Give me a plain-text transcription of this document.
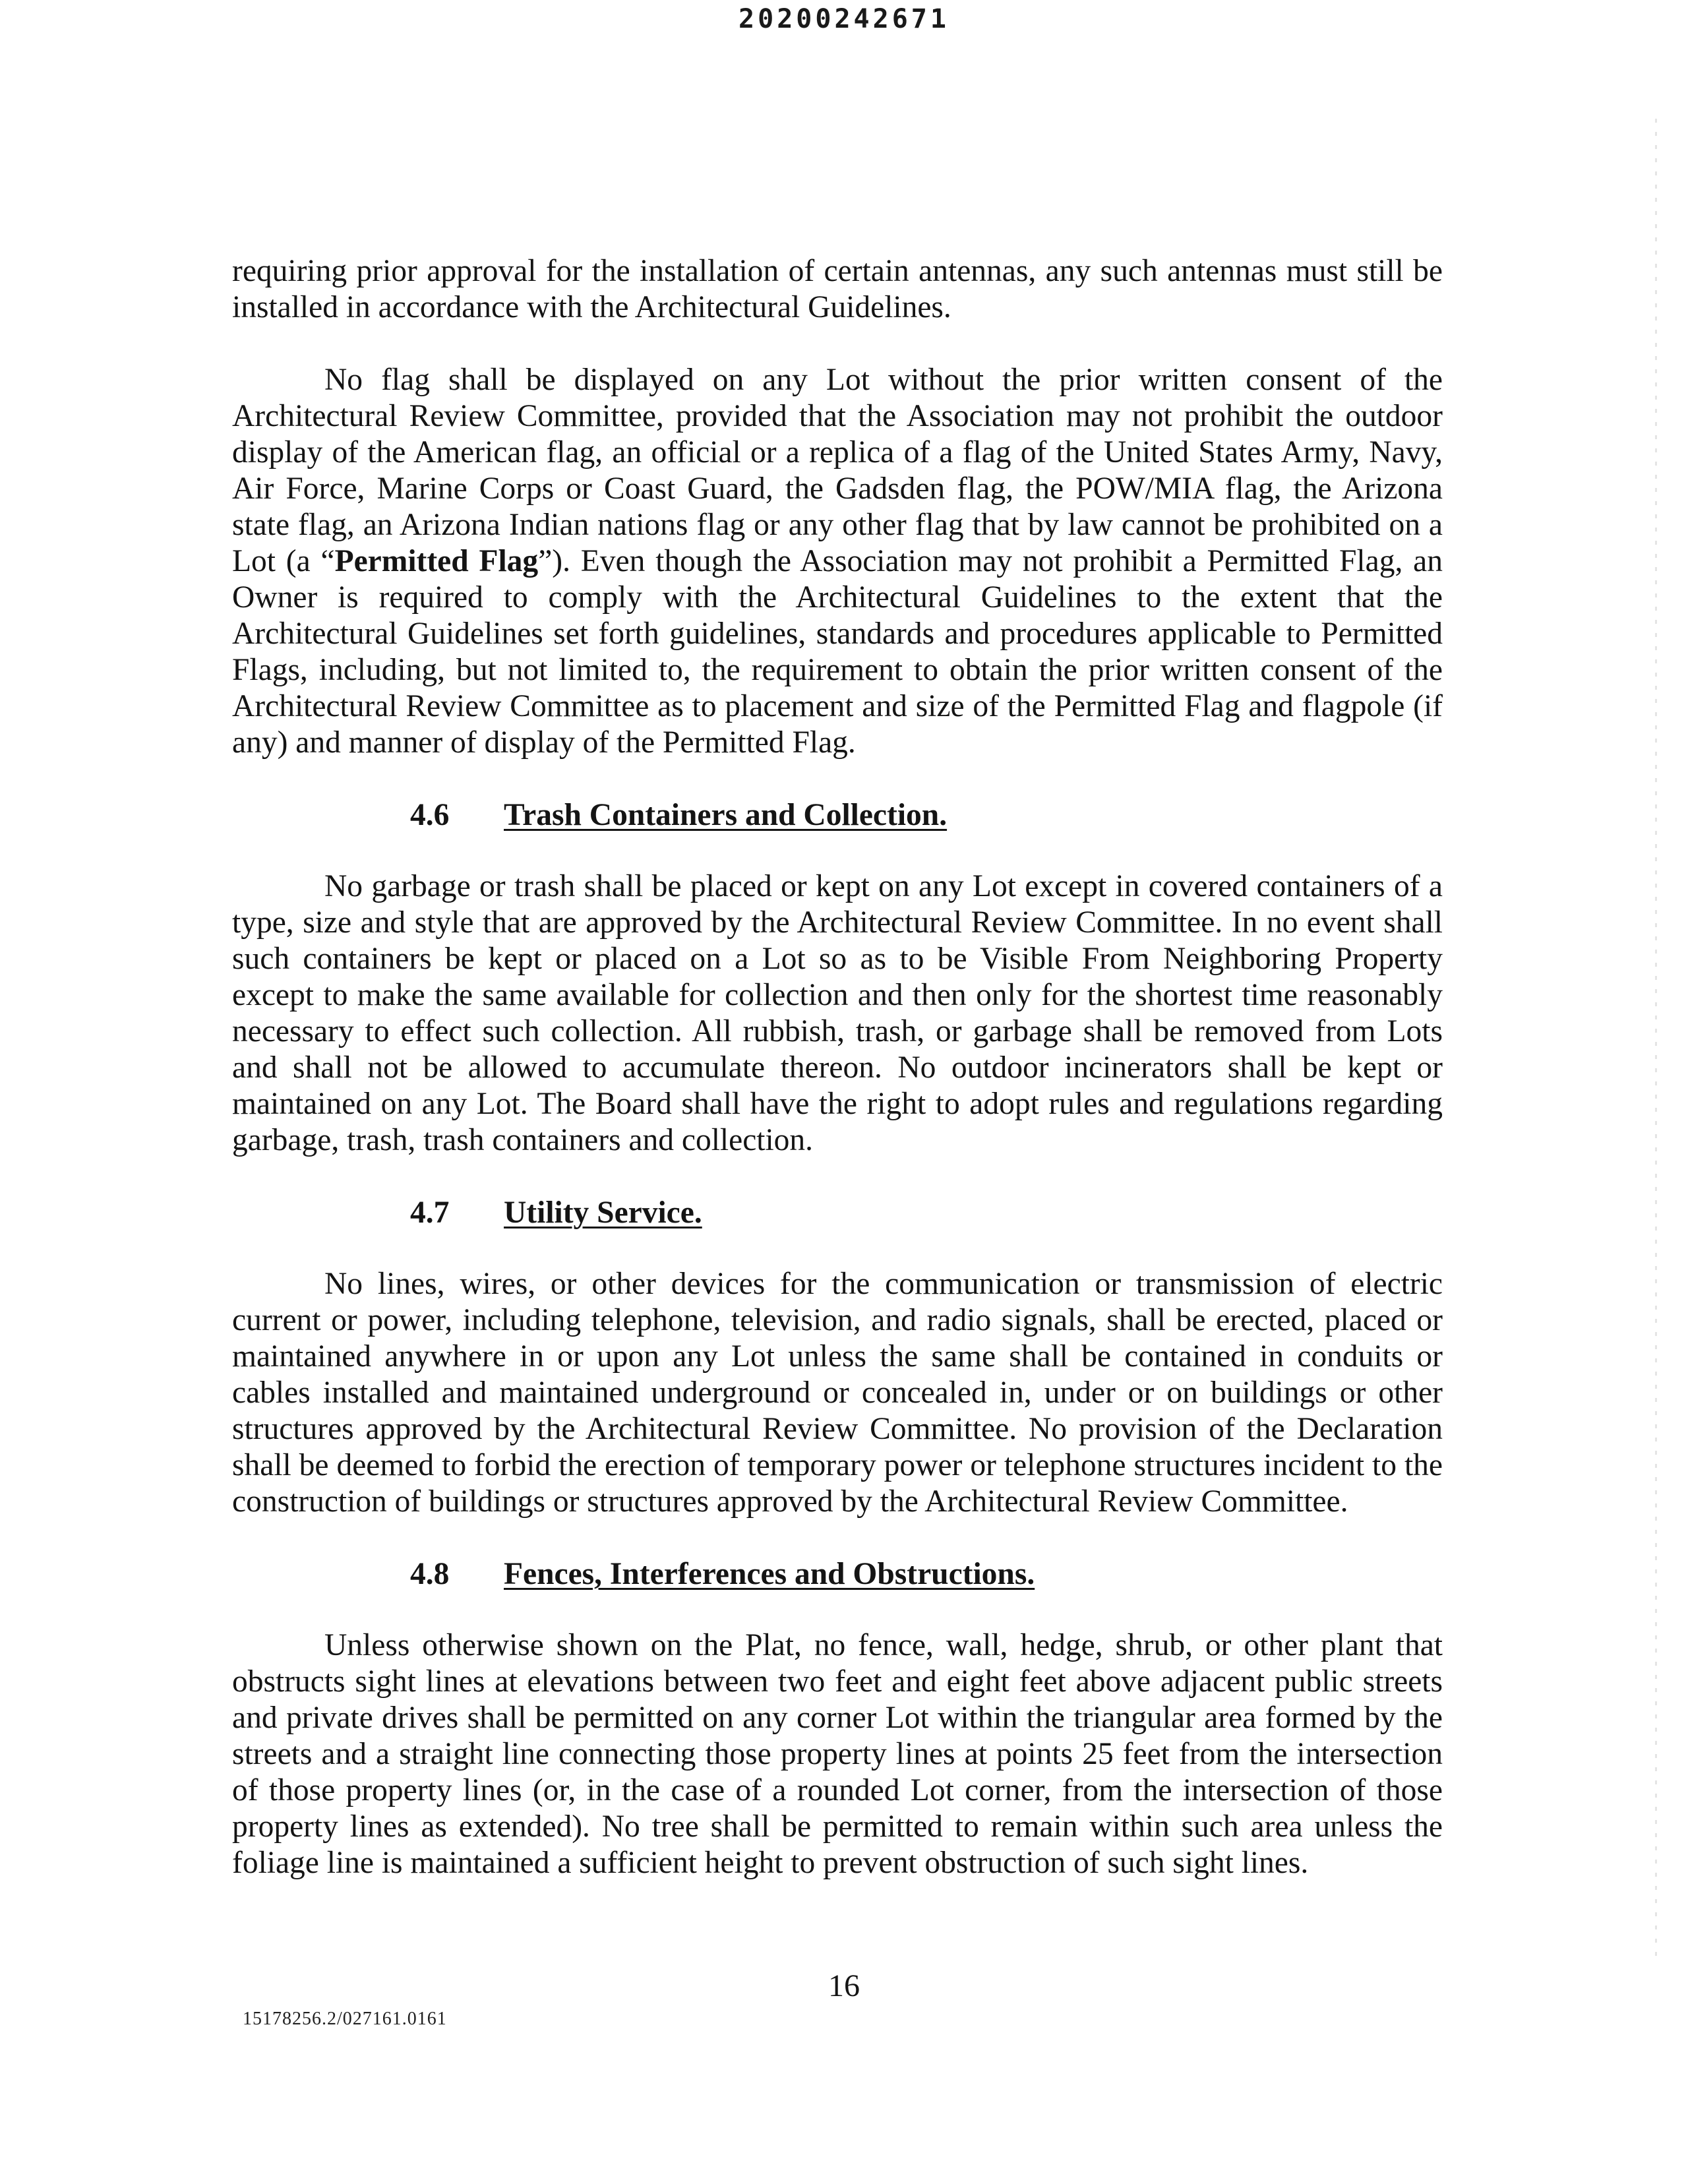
20200242671

requiring prior approval for the installation of certain antennas, any such antennas must still be installed in accordance with the Architectural Guidelines.

No flag shall be displayed on any Lot without the prior written consent of the Architectural Review Committee, provided that the Association may not prohibit the outdoor display of the American flag, an official or a replica of a flag of the United States Army, Navy, Air Force, Marine Corps or Coast Guard, the Gadsden flag, the POW/MIA flag, the Arizona state flag, an Arizona Indian nations flag or any other flag that by law cannot be prohibited on a Lot (a “Permitted Flag”). Even though the Association may not prohibit a Permitted Flag, an Owner is required to comply with the Architectural Guidelines to the extent that the Architectural Guidelines set forth guidelines, standards and procedures applicable to Permitted Flags, including, but not limited to, the requirement to obtain the prior written consent of the Architectural Review Committee as to placement and size of the Permitted Flag and flagpole (if any) and manner of display of the Permitted Flag.

4.6 Trash Containers and Collection.

No garbage or trash shall be placed or kept on any Lot except in covered containers of a type, size and style that are approved by the Architectural Review Committee. In no event shall such containers be kept or placed on a Lot so as to be Visible From Neighboring Property except to make the same available for collection and then only for the shortest time reasonably necessary to effect such collection. All rubbish, trash, or garbage shall be removed from Lots and shall not be allowed to accumulate thereon. No outdoor incinerators shall be kept or maintained on any Lot. The Board shall have the right to adopt rules and regulations regarding garbage, trash, trash containers and collection.

4.7 Utility Service.

No lines, wires, or other devices for the communication or transmission of electric current or power, including telephone, television, and radio signals, shall be erected, placed or maintained anywhere in or upon any Lot unless the same shall be contained in conduits or cables installed and maintained underground or concealed in, under or on buildings or other structures approved by the Architectural Review Committee. No provision of the Declaration shall be deemed to forbid the erection of temporary power or telephone structures incident to the construction of buildings or structures approved by the Architectural Review Committee.

4.8 Fences, Interferences and Obstructions.

Unless otherwise shown on the Plat, no fence, wall, hedge, shrub, or other plant that obstructs sight lines at elevations between two feet and eight feet above adjacent public streets and private drives shall be permitted on any corner Lot within the triangular area formed by the streets and a straight line connecting those property lines at points 25 feet from the intersection of those property lines (or, in the case of a rounded Lot corner, from the intersection of those property lines as extended). No tree shall be permitted to remain within such area unless the foliage line is maintained a sufficient height to prevent obstruction of such sight lines.

16
15178256.2/027161.0161
